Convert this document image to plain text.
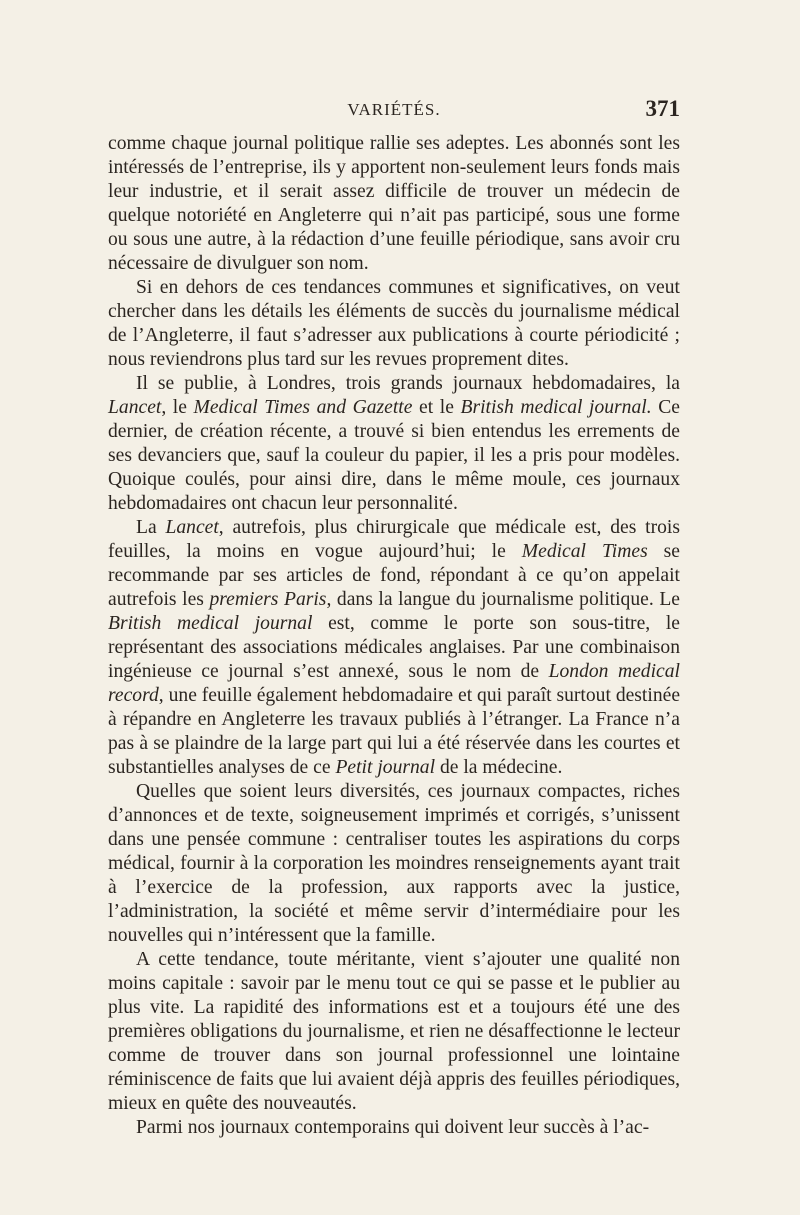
VARIÉTÉS.	371

comme chaque journal politique rallie ses adeptes. Les abonnés sont les intéressés de l’entreprise, ils y apportent non-seulement leurs fonds mais leur industrie, et il serait assez difficile de trouver un médecin de quelque notoriété en Angleterre qui n’ait pas participé, sous une forme ou sous une autre, à la rédaction d’une feuille périodique, sans avoir cru nécessaire de divulguer son nom.

Si en dehors de ces tendances communes et significatives, on veut chercher dans les détails les éléments de succès du journalisme médical de l’Angleterre, il faut s’adresser aux publications à courte périodicité ; nous reviendrons plus tard sur les revues proprement dites.

Il se publie, à Londres, trois grands journaux hebdomadaires, la Lancet, le Medical Times and Gazette et le British medical journal. Ce dernier, de création récente, a trouvé si bien entendus les errements de ses devanciers que, sauf la couleur du papier, il les a pris pour modèles. Quoique coulés, pour ainsi dire, dans le même moule, ces journaux hebdomadaires ont chacun leur personnalité.

La Lancet, autrefois, plus chirurgicale que médicale est, des trois feuilles, la moins en vogue aujourd’hui; le Medical Times se recommande par ses articles de fond, répondant à ce qu’on appelait autrefois les premiers Paris, dans la langue du journalisme politique. Le British medical journal est, comme le porte son sous-titre, le représentant des associations médicales anglaises. Par une combinaison ingénieuse ce journal s’est annexé, sous le nom de London medical record, une feuille également hebdomadaire et qui paraît surtout destinée à répandre en Angleterre les travaux publiés à l’étranger. La France n’a pas à se plaindre de la large part qui lui a été réservée dans les courtes et substantielles analyses de ce Petit journal de la médecine.

Quelles que soient leurs diversités, ces journaux compactes, riches d’annonces et de texte, soigneusement imprimés et corrigés, s’unissent dans une pensée commune : centraliser toutes les aspirations du corps médical, fournir à la corporation les moindres renseignements ayant trait à l’exercice de la profession, aux rapports avec la justice, l’administration, la société et même servir d’intermédiaire pour les nouvelles qui n’intéressent que la famille.

A cette tendance, toute méritante, vient s’ajouter une qualité non moins capitale : savoir par le menu tout ce qui se passe et le publier au plus vite. La rapidité des informations est et a toujours été une des premières obligations du journalisme, et rien ne désaffectionne le lecteur comme de trouver dans son journal professionnel une lointaine réminiscence de faits que lui avaient déjà appris des feuilles périodiques, mieux en quête des nouveautés.

Parmi nos journaux contemporains qui doivent leur succès à l’ac-
